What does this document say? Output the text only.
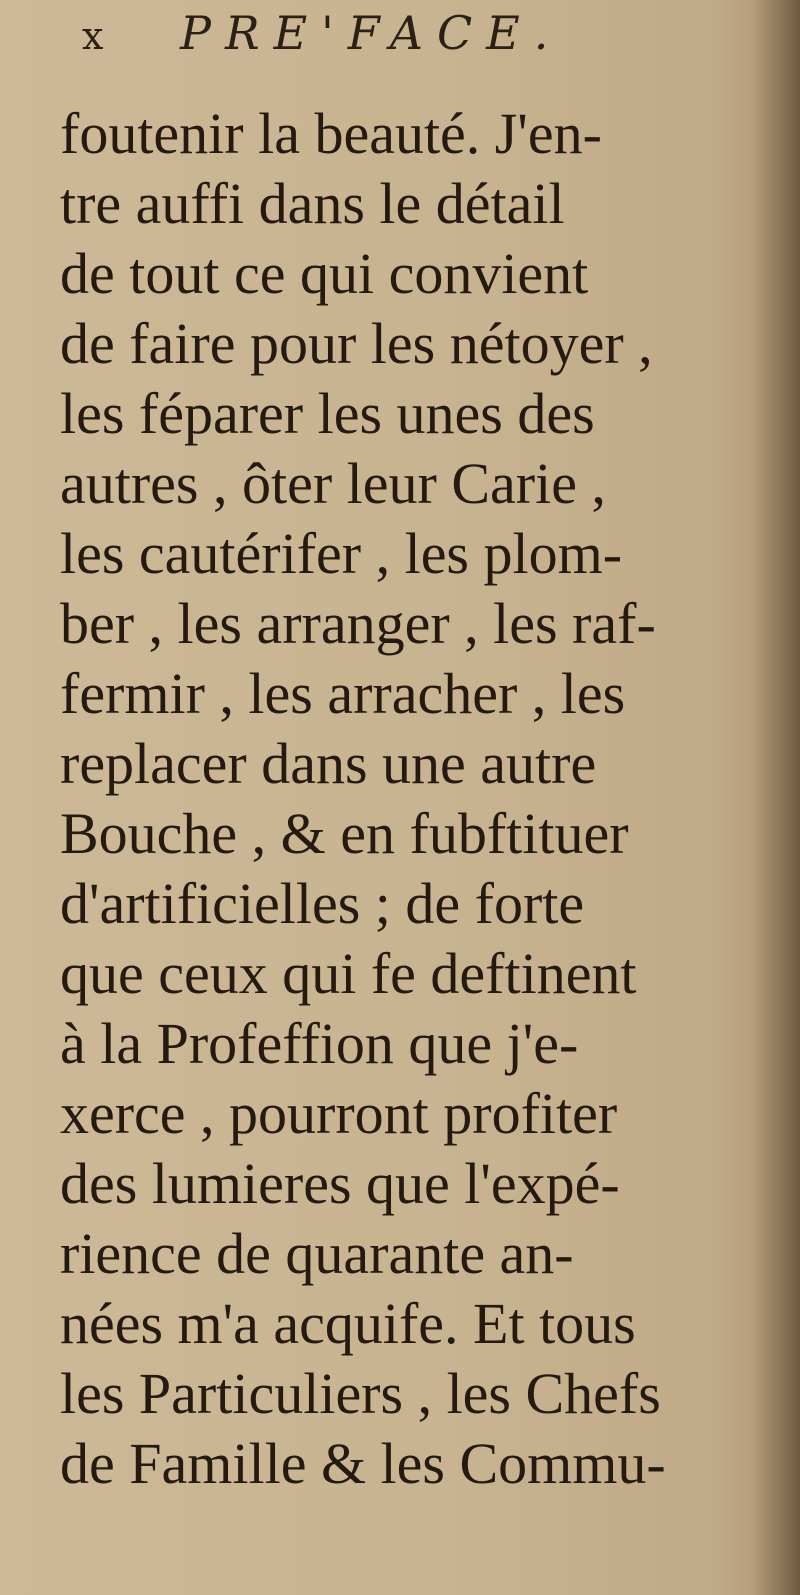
x PRE'FACE.
foutenir la beauté. J'en-
tre auffi dans le détail
de tout ce qui convient
de faire pour les nétoyer ,
les féparer les unes des
autres , ôter leur Carie ,
les cautérifer , les plom-
ber , les arranger , les raf-
fermir , les arracher , les
replacer dans une autre
Bouche , & en fubftituer
d'artificielles ; de forte
que ceux qui fe deftinent
à la Profeffion que j'e-
xerce , pourront profiter
des lumieres que l'expé-
rience de quarante an-
nées m'a acquife. Et tous
les Particuliers , les Chefs
de Famille & les Commu-
